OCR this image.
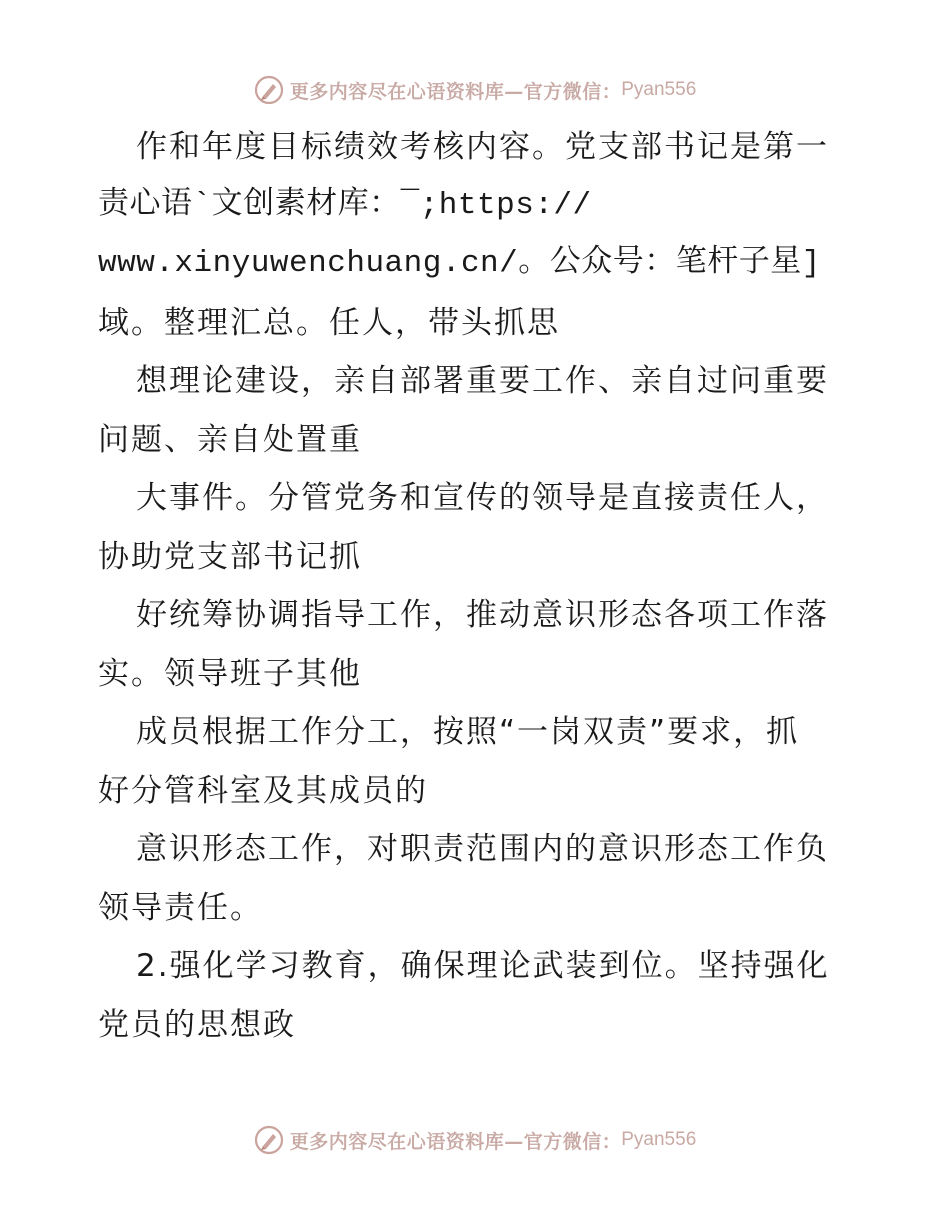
更多内容尽在心语资料库—官方微信： Pyan556
作和年度目标绩效考核内容。党支部书记是第一
责心语`文创素材库：¯;https://
www.xinyuwenchuang.cn/。公众号：笔杆子星]
域。整理汇总。任人，带头抓思
想理论建设，亲自部署重要工作、亲自过问重要
问题、亲自处置重
大事件。分管党务和宣传的领导是直接责任人，
协助党支部书记抓
好统筹协调指导工作，推动意识形态各项工作落
实。领导班子其他
成员根据工作分工，按照“一岗双责”要求，抓
好分管科室及其成员的
意识形态工作，对职责范围内的意识形态工作负
领导责任。
2.强化学习教育，确保理论武装到位。坚持强化
党员的思想政
更多内容尽在心语资料库—官方微信： Pyan556
